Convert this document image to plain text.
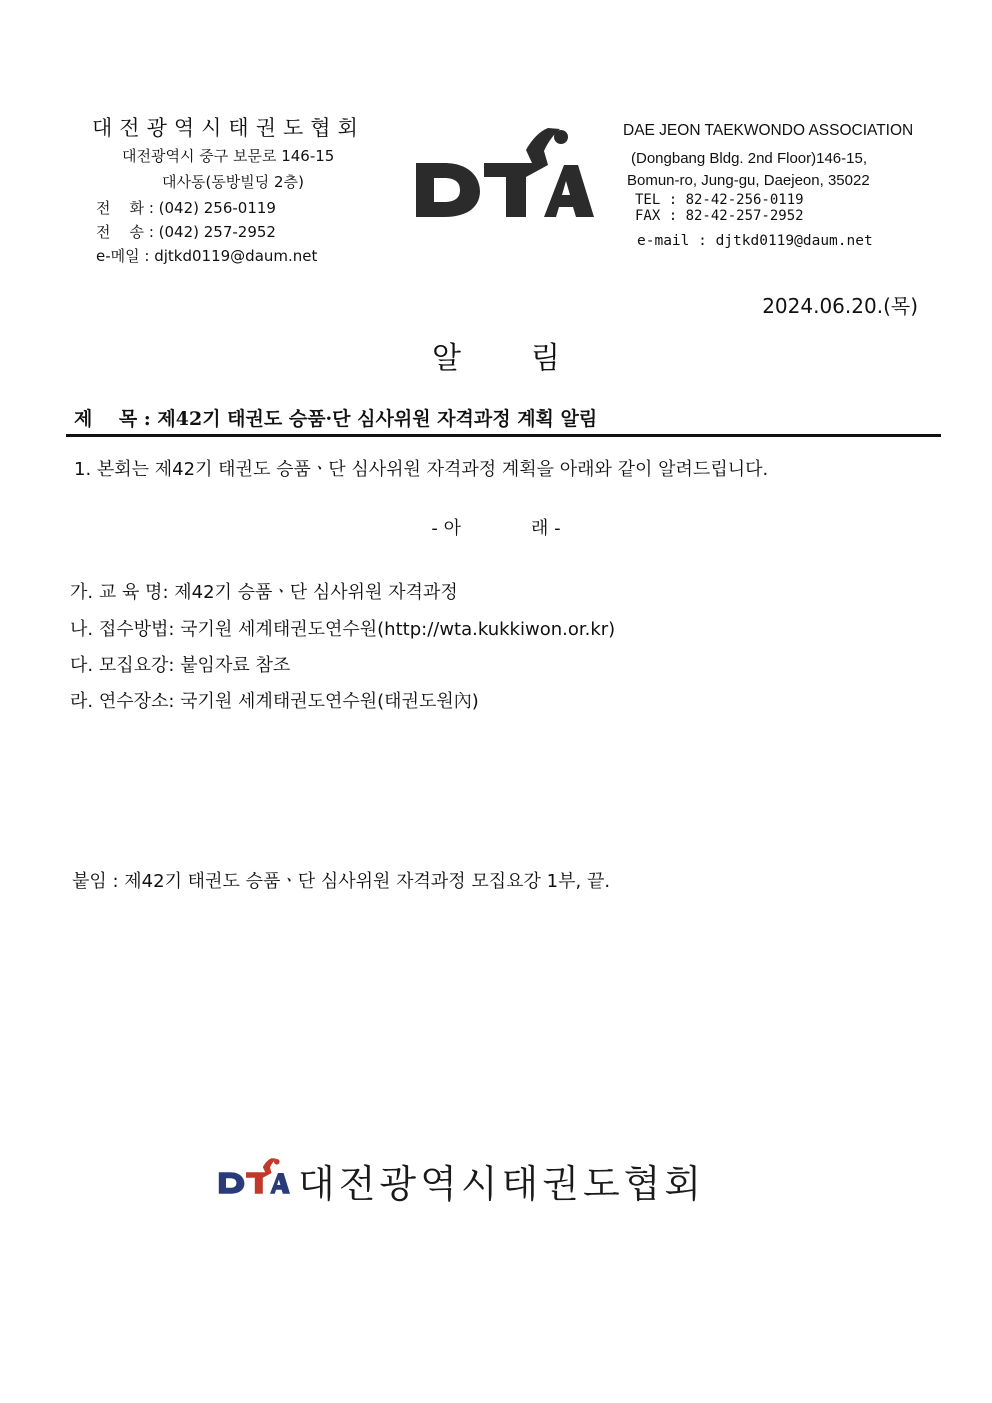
대전광역시태권도협회
대전광역시 중구 보문로 146-15
대사동(동방빌딩 2층)
전    화 : (042) 256-0119
전    송 : (042) 257-2952
e-메일 : djtkd0119@daum.net
DAE JEON TAEKWONDO ASSOCIATION
(Dongbang Bldg. 2nd Floor)146-15,
Bomun-ro, Jung-gu, Daejeon, 35022
TEL : 82-42-256-0119
FAX : 82-42-257-2952
e-mail : djtkd0119@daum.net
2024.06.20.(목)
알 림
제    목 : 제42기 태권도 승품·단 심사위원 자격과정 계획 알림
1. 본회는 제42기 태권도 승품ㆍ단 심사위원 자격과정 계획을 아래와 같이 알려드립니다.
- 아	래 -
가. 교 육 명: 제42기 승품ㆍ단 심사위원 자격과정
나. 접수방법: 국기원 세계태권도연수원(http://wta.kukkiwon.or.kr)
다. 모집요강: 붙임자료 참조
라. 연수장소: 국기원 세계태권도연수원(태권도원內)
붙임 : 제42기 태권도 승품ㆍ단 심사위원 자격과정 모집요강 1부, 끝.
대전광역시태권도협회
